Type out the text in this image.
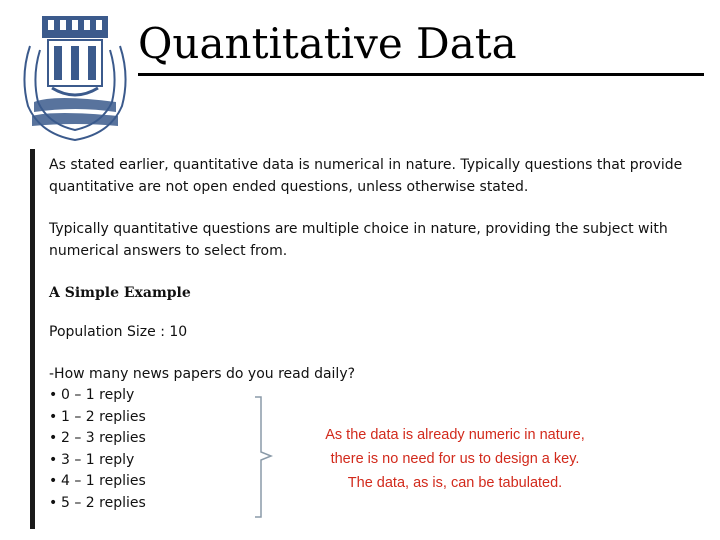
Quantitative Data

As stated earlier, quantitative data is numerical in nature. Typically questions that provide quantitative are not open ended questions, unless otherwise stated.

Typically quantitative questions are multiple choice in nature, providing the subject with numerical answers to select from.

A Simple Example

Population Size : 10

-How many news papers do you read daily?

• 0 – 1 reply
• 1 – 2 replies
• 2 – 3 replies
• 3 – 1 reply
• 4 – 1 replies
• 5 – 2 replies
As the data is already numeric in nature, there is no need for us to design a key. The data, as is, can be tabulated.
